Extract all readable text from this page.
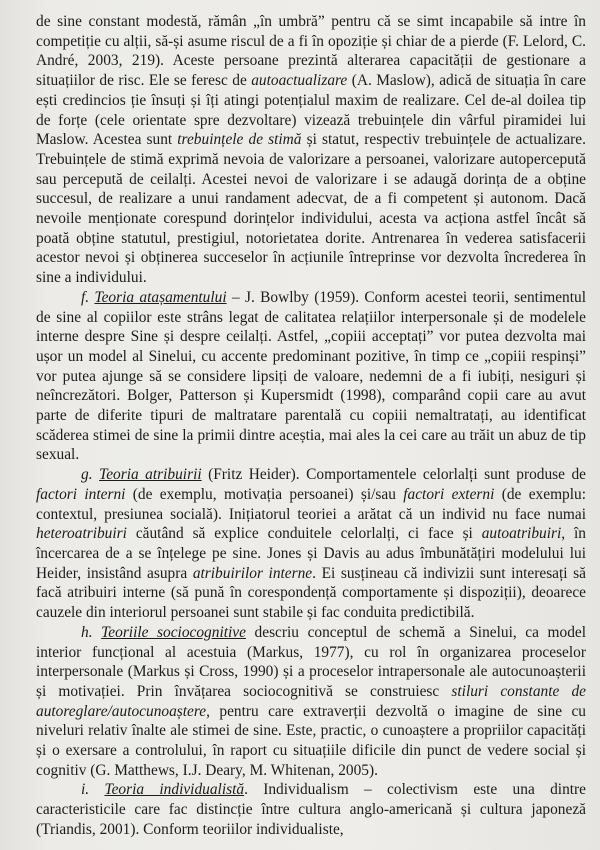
de sine constant modestă, rămân „în umbră” pentru că se simt incapabile să intre în competiție cu alții, să-și asume riscul de a fi în opoziție și chiar de a pierde (F. Lelord, C. André, 2003, 219). Aceste persoane prezintă alterarea capacității de gestionare a situațiilor de risc. Ele se feresc de autoactualizare (A. Maslow), adică de situația în care ești credincios ție însuți și îți atingi potențialul maxim de realizare. Cel de-al doilea tip de forțe (cele orientate spre dezvoltare) vizează trebuințele din vârful piramidei lui Maslow. Acestea sunt trebuințele de stimă și statut, respectiv trebuințele de actualizare. Trebuințele de stimă exprimă nevoia de valorizare a persoanei, valorizare autopercepută sau percepută de ceilalți. Acestei nevoi de valorizare i se adaugă dorința de a obține succesul, de realizare a unui randament adecvat, de a fi competent și autonom. Dacă nevoile menționate corespund dorințelor individului, acesta va acționa astfel încât să poată obține statutul, prestigiul, notorietatea dorite. Antrenarea în vederea satisfacerii acestor nevoi și obținerea succeselor în acțiunile întreprinse vor dezvolta încrederea în sine a individului.

f. Teoria atașamentului – J. Bowlby (1959). Conform acestei teorii, sentimentul de sine al copiilor este strâns legat de calitatea relațiilor interpersonale și de modelele interne despre Sine și despre ceilalți. Astfel, „copiii acceptați” vor putea dezvolta mai ușor un model al Sinelui, cu accente predominant pozitive, în timp ce „copiii respinși” vor putea ajunge să se considere lipsiți de valoare, nedemni de a fi iubiți, nesiguri și neîncrezători. Bolger, Patterson și Kupersmidt (1998), comparând copii care au avut parte de diferite tipuri de maltratare parentală cu copiii nemaltratați, au identificat scăderea stimei de sine la primii dintre aceștia, mai ales la cei care au trăit un abuz de tip sexual.

g. Teoria atribuirii (Fritz Heider). Comportamentele celorlalți sunt produse de factori interni (de exemplu, motivația persoanei) și/sau factori externi (de exemplu: contextul, presiunea socială). Inițiatorul teoriei a arătat că un individ nu face numai heteroatribuiri căutând să explice conduitele celorlalți, ci face și autoatribuiri, în încercarea de a se înțelege pe sine. Jones și Davis au adus îmbunătățiri modelului lui Heider, insistând asupra atribuirilor interne. Ei susțineau că indivizii sunt interesați să facă atribuiri interne (să pună în corespondență comportamente și dispoziții), deoarece cauzele din interiorul persoanei sunt stabile și fac conduita predictibilă.

h. Teoriile sociocognitive descriu conceptul de schemă a Sinelui, ca model interior funcțional al acestuia (Markus, 1977), cu rol în organizarea proceselor interpersonale (Markus și Cross, 1990) și a proceselor intrapersonale ale autocunoașterii și motivației. Prin învățarea sociocognitivă se construiesc stiluri constante de autoreglare/autocunoaștere, pentru care extraverții dezvoltă o imagine de sine cu niveluri relativ înalte ale stimei de sine. Este, practic, o cunoaștere a propriilor capacități și o exersare a controlului, în raport cu situațiile dificile din punct de vedere social și cognitiv (G. Matthews, I.J. Deary, M. Whitenan, 2005).

i. Teoria individualistă. Individualism – colectivism este una dintre caracteristicile care fac distincție între cultura anglo-americană și cultura japoneză (Triandis, 2001). Conform teoriilor individualiste,
